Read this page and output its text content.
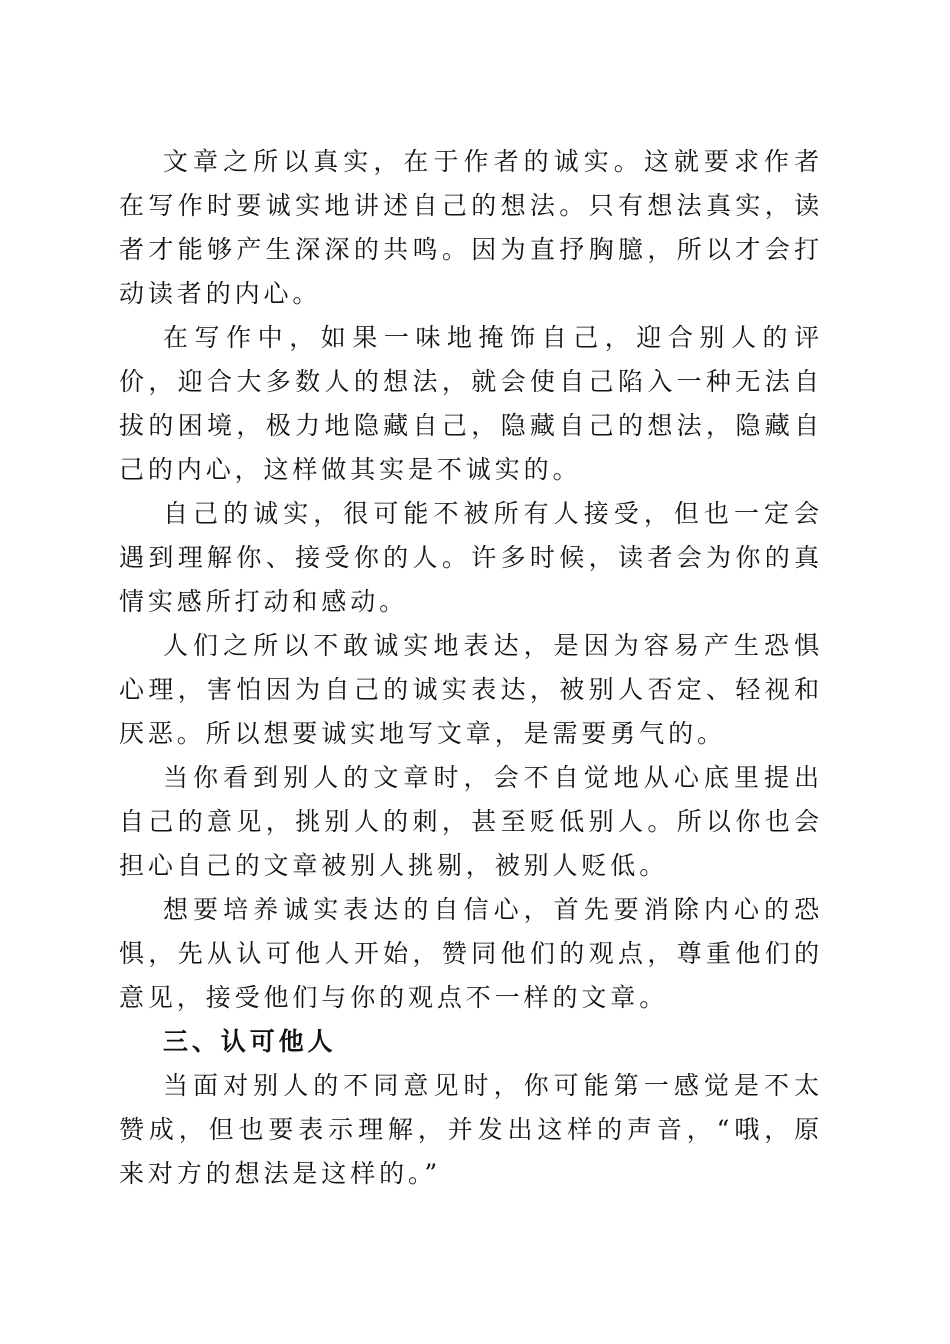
文章之所以真实，在于作者的诚实。这就要求作者在写作时要诚实地讲述自己的想法。只有想法真实，读者才能够产生深深的共鸣。因为直抒胸臆，所以才会打动读者的内心。

在写作中，如果一味地掩饰自己，迎合别人的评价，迎合大多数人的想法，就会使自己陷入一种无法自拔的困境，极力地隐藏自己，隐藏自己的想法，隐藏自己的内心，这样做其实是不诚实的。

自己的诚实，很可能不被所有人接受，但也一定会遇到理解你、接受你的人。许多时候，读者会为你的真情实感所打动和感动。

人们之所以不敢诚实地表达，是因为容易产生恐惧心理，害怕因为自己的诚实表达，被别人否定、轻视和厌恶。所以想要诚实地写文章，是需要勇气的。

当你看到别人的文章时，会不自觉地从心底里提出自己的意见，挑别人的刺，甚至贬低别人。所以你也会担心自己的文章被别人挑剔，被别人贬低。

想要培养诚实表达的自信心，首先要消除内心的恐惧，先从认可他人开始，赞同他们的观点，尊重他们的意见，接受他们与你的观点不一样的文章。

三、认可他人

当面对别人的不同意见时，你可能第一感觉是不太赞成，但也要表示理解，并发出这样的声音，“哦，原来对方的想法是这样的。”
